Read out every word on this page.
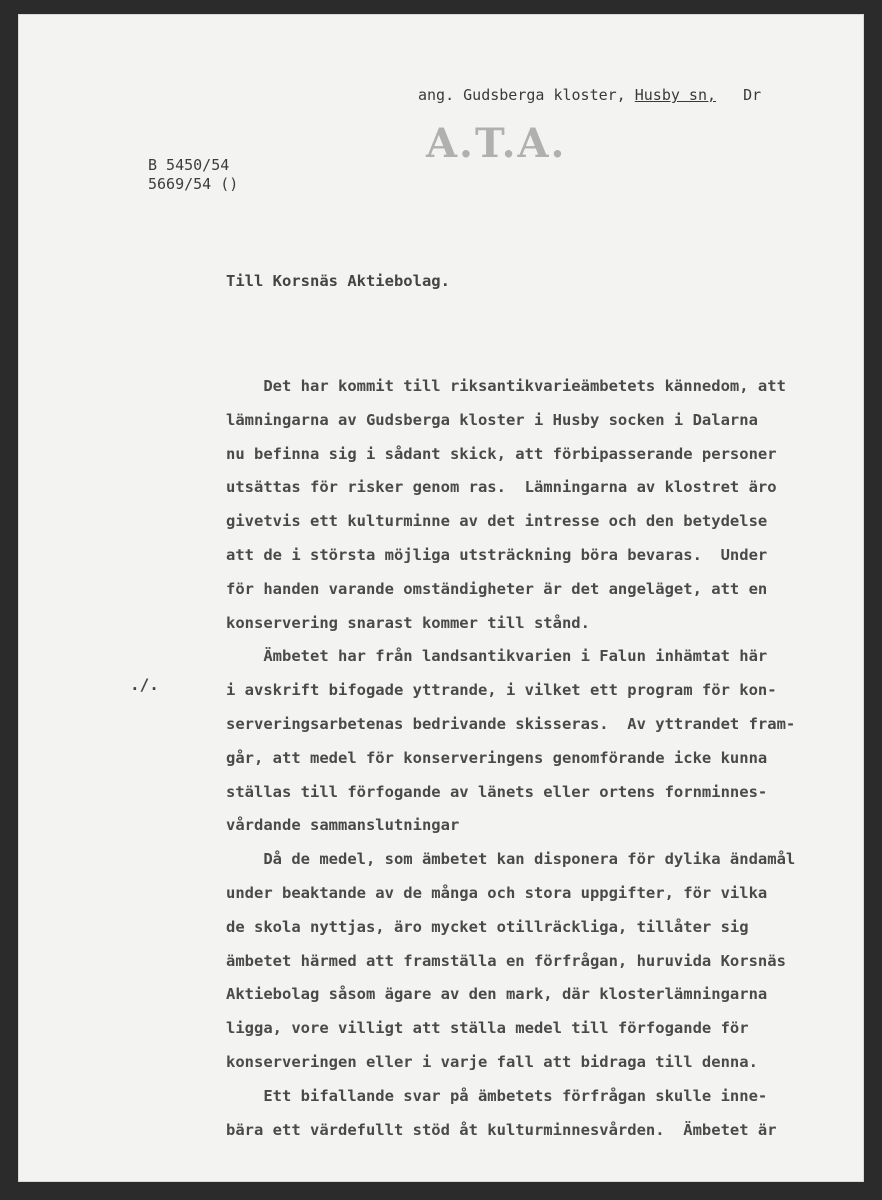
A.T.A.
ang. Gudsberga kloster, Husby sn,   Dr
B 5450/54
5669/54 ()
Till Korsnäs Aktiebolag.
./.
Det har kommit till riksantikvarieämbetets kännedom, att
lämningarna av Gudsberga kloster i Husby socken i Dalarna
nu befinna sig i sådant skick, att förbipasserande personer
utsättas för risker genom ras.  Lämningarna av klostret äro
givetvis ett kulturminne av det intresse och den betydelse
att de i största möjliga utsträckning böra bevaras.  Under
för handen varande omständigheter är det angeläget, att en
konservering snarast kommer till stånd.
Ämbetet har från landsantikvarien i Falun inhämtat här
i avskrift bifogade yttrande, i vilket ett program för kon-
serveringsarbetenas bedrivande skisseras.  Av yttrandet fram-
går, att medel för konserveringens genomförande icke kunna
ställas till förfogande av länets eller ortens fornminnes-
vårdande sammanslutningar
Då de medel, som ämbetet kan disponera för dylika ändamål
under beaktande av de många och stora uppgifter, för vilka
de skola nyttjas, äro mycket otillräckliga, tillåter sig
ämbetet härmed att framställa en förfrågan, huruvida Korsnäs
Aktiebolag såsom ägare av den mark, där klosterlämningarna
ligga, vore villigt att ställa medel till förfogande för
konserveringen eller i varje fall att bidraga till denna.
Ett bifallande svar på ämbetets förfrågan skulle inne-
bära ett värdefullt stöd åt kulturminnesvården.  Ämbetet är
